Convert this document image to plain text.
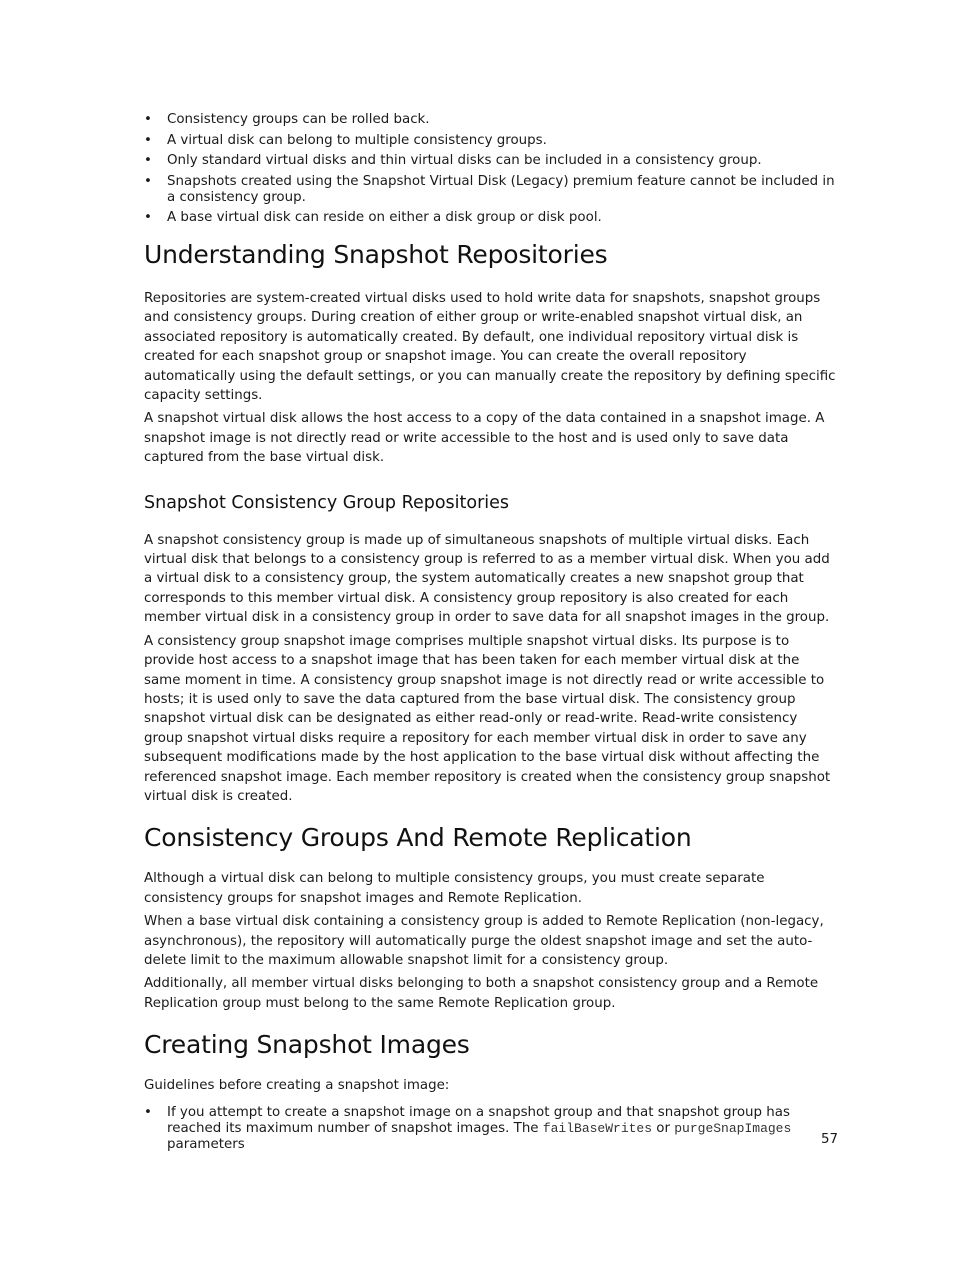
• Consistency groups can be rolled back.
• A virtual disk can belong to multiple consistency groups.
• Only standard virtual disks and thin virtual disks can be included in a consistency group.
• Snapshots created using the Snapshot Virtual Disk (Legacy) premium feature cannot be included in a consistency group.
• A base virtual disk can reside on either a disk group or disk pool.
Understanding Snapshot Repositories

Repositories are system-created virtual disks used to hold write data for snapshots, snapshot groups and consistency groups. During creation of either group or write-enabled snapshot virtual disk, an associated repository is automatically created. By default, one individual repository virtual disk is created for each snapshot group or snapshot image. You can create the overall repository automatically using the default settings, or you can manually create the repository by defining specific capacity settings.

A snapshot virtual disk allows the host access to a copy of the data contained in a snapshot image. A snapshot image is not directly read or write accessible to the host and is used only to save data captured from the base virtual disk.

Snapshot Consistency Group Repositories

A snapshot consistency group is made up of simultaneous snapshots of multiple virtual disks. Each virtual disk that belongs to a consistency group is referred to as a member virtual disk. When you add a virtual disk to a consistency group, the system automatically creates a new snapshot group that corresponds to this member virtual disk. A consistency group repository is also created for each member virtual disk in a consistency group in order to save data for all snapshot images in the group.

A consistency group snapshot image comprises multiple snapshot virtual disks. Its purpose is to provide host access to a snapshot image that has been taken for each member virtual disk at the same moment in time. A consistency group snapshot image is not directly read or write accessible to hosts; it is used only to save the data captured from the base virtual disk. The consistency group snapshot virtual disk can be designated as either read-only or read-write. Read-write consistency group snapshot virtual disks require a repository for each member virtual disk in order to save any subsequent modifications made by the host application to the base virtual disk without affecting the referenced snapshot image. Each member repository is created when the consistency group snapshot virtual disk is created.

Consistency Groups And Remote Replication

Although a virtual disk can belong to multiple consistency groups, you must create separate consistency groups for snapshot images and Remote Replication.

When a base virtual disk containing a consistency group is added to Remote Replication (non-legacy, asynchronous), the repository will automatically purge the oldest snapshot image and set the auto-delete limit to the maximum allowable snapshot limit for a consistency group.

Additionally, all member virtual disks belonging to both a snapshot consistency group and a Remote Replication group must belong to the same Remote Replication group.

Creating Snapshot Images

Guidelines before creating a snapshot image:

• If you attempt to create a snapshot image on a snapshot group and that snapshot group has reached its maximum number of snapshot images. The failBaseWrites or purgeSnapImages parameters	57
